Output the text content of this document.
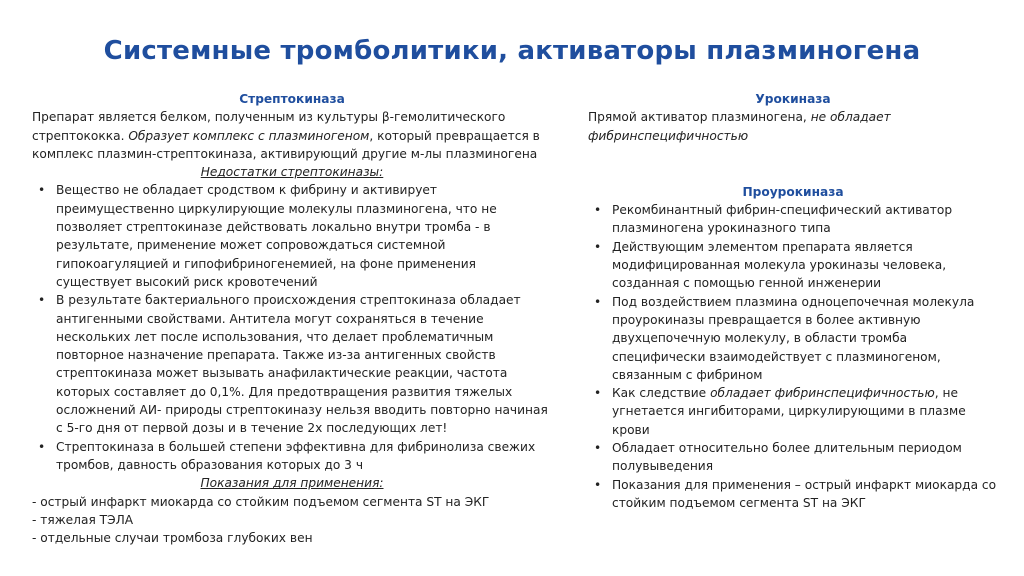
Системные тромболитики, активаторы плазминогена
Стрептокиназа
Препарат является белком, полученным из культуры β-гемолитического стрептококка. Образует комплекс с плазминогеном, который превращается в комплекс плазмин-стрептокиназа, активирующий другие м-лы плазминогена
Недостатки стрептокиназы:
• Вещество не обладает сродством к фибрину и активирует преимущественно циркулирующие молекулы плазминогена, что не позволяет стрептокиназе действовать локально внутри тромба - в результате, применение может сопровождаться системной гипокоагуляцией и гипофибриногенемией, на фоне применения существует высокий риск кровотечений
• В результате бактериального происхождения стрептокиназа обладает антигенными свойствами. Антитела могут сохраняться в течение нескольких лет после использования, что делает проблематичным повторное назначение препарата. Также из-за антигенных свойств стрептокиназа может вызывать анафилактические реакции, частота которых составляет до 0,1%. Для предотвращения развития тяжелых осложнений АИ- природы стрептокиназу нельзя вводить повторно начиная с 5-го дня от первой дозы и в течение 2х последующих лет!
• Стрептокиназа в большей степени эффективна для фибринолиза свежих тромбов, давность образования которых до 3 ч
Показания для применения:
- острый инфаркт миокарда со стойким подъемом сегмента ST на ЭКГ
- тяжелая ТЭЛА
- отдельные случаи тромбоза глубоких вен
Урокиназа
Прямой активатор плазминогена, не обладает фибринспецифичностью
Проурокиназа
• Рекомбинантный фибрин-специфический активатор плазминогена урокиназного типа
• Действующим элементом препарата является модифицированная молекула урокиназы человека, созданная с помощью генной инженерии
• Под воздействием плазмина одноцепочечная молекула проурокиназы превращается в более активную двухцепочечную молекулу, в области тромба специфически взаимодействует с плазминогеном, связанным с фибрином
• Как следствие обладает фибринспецифичностью, не угнетается ингибиторами, циркулирующими в плазме крови
• Обладает относительно более длительным периодом полувыведения
• Показания для применения – острый инфаркт миокарда со стойким подъемом сегмента ST на ЭКГ
